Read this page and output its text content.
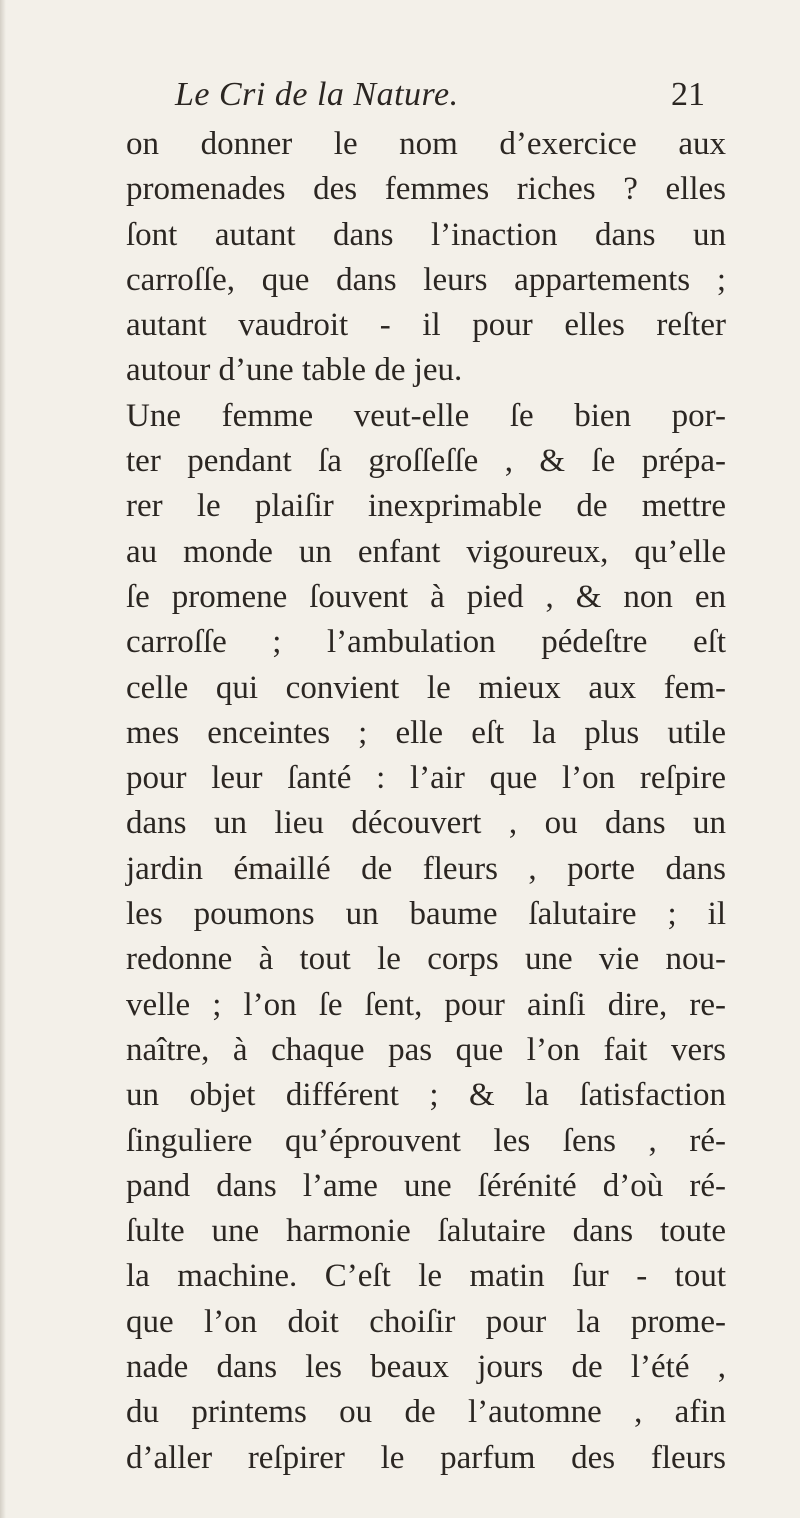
Le Cri de la Nature.	21
on donner le nom d’exercice aux
promenades des femmes riches ? elles
ſont autant dans l’inaction dans un
carroſſe, que dans leurs appartements ;
autant vaudroit - il pour elles reſter
autour d’une table de jeu.
Une femme veut-elle ſe bien por-
ter pendant ſa groſſeſſe , & ſe prépa-
rer le plaiſir inexprimable de mettre
au monde un enfant vigoureux, qu’elle
ſe promene ſouvent à pied , & non en
carroſſe ; l’ambulation pédeſtre eſt
celle qui convient le mieux aux fem-
mes enceintes ; elle eſt la plus utile
pour leur ſanté : l’air que l’on reſpire
dans un lieu découvert , ou dans un
jardin émaillé de fleurs , porte dans
les poumons un baume ſalutaire ; il
redonne à tout le corps une vie nou-
velle ; l’on ſe ſent, pour ainſi dire, re-
naître, à chaque pas que l’on fait vers
un objet différent ; & la ſatisfaction
ſinguliere qu’éprouvent les ſens , ré-
pand dans l’ame une ſérénité d’où ré-
ſulte une harmonie ſalutaire dans toute
la machine. C’eſt le matin ſur - tout
que l’on doit choiſir pour la prome-
nade dans les beaux jours de l’été ,
du printems ou de l’automne , afin
d’aller reſpirer le parfum des fleurs
